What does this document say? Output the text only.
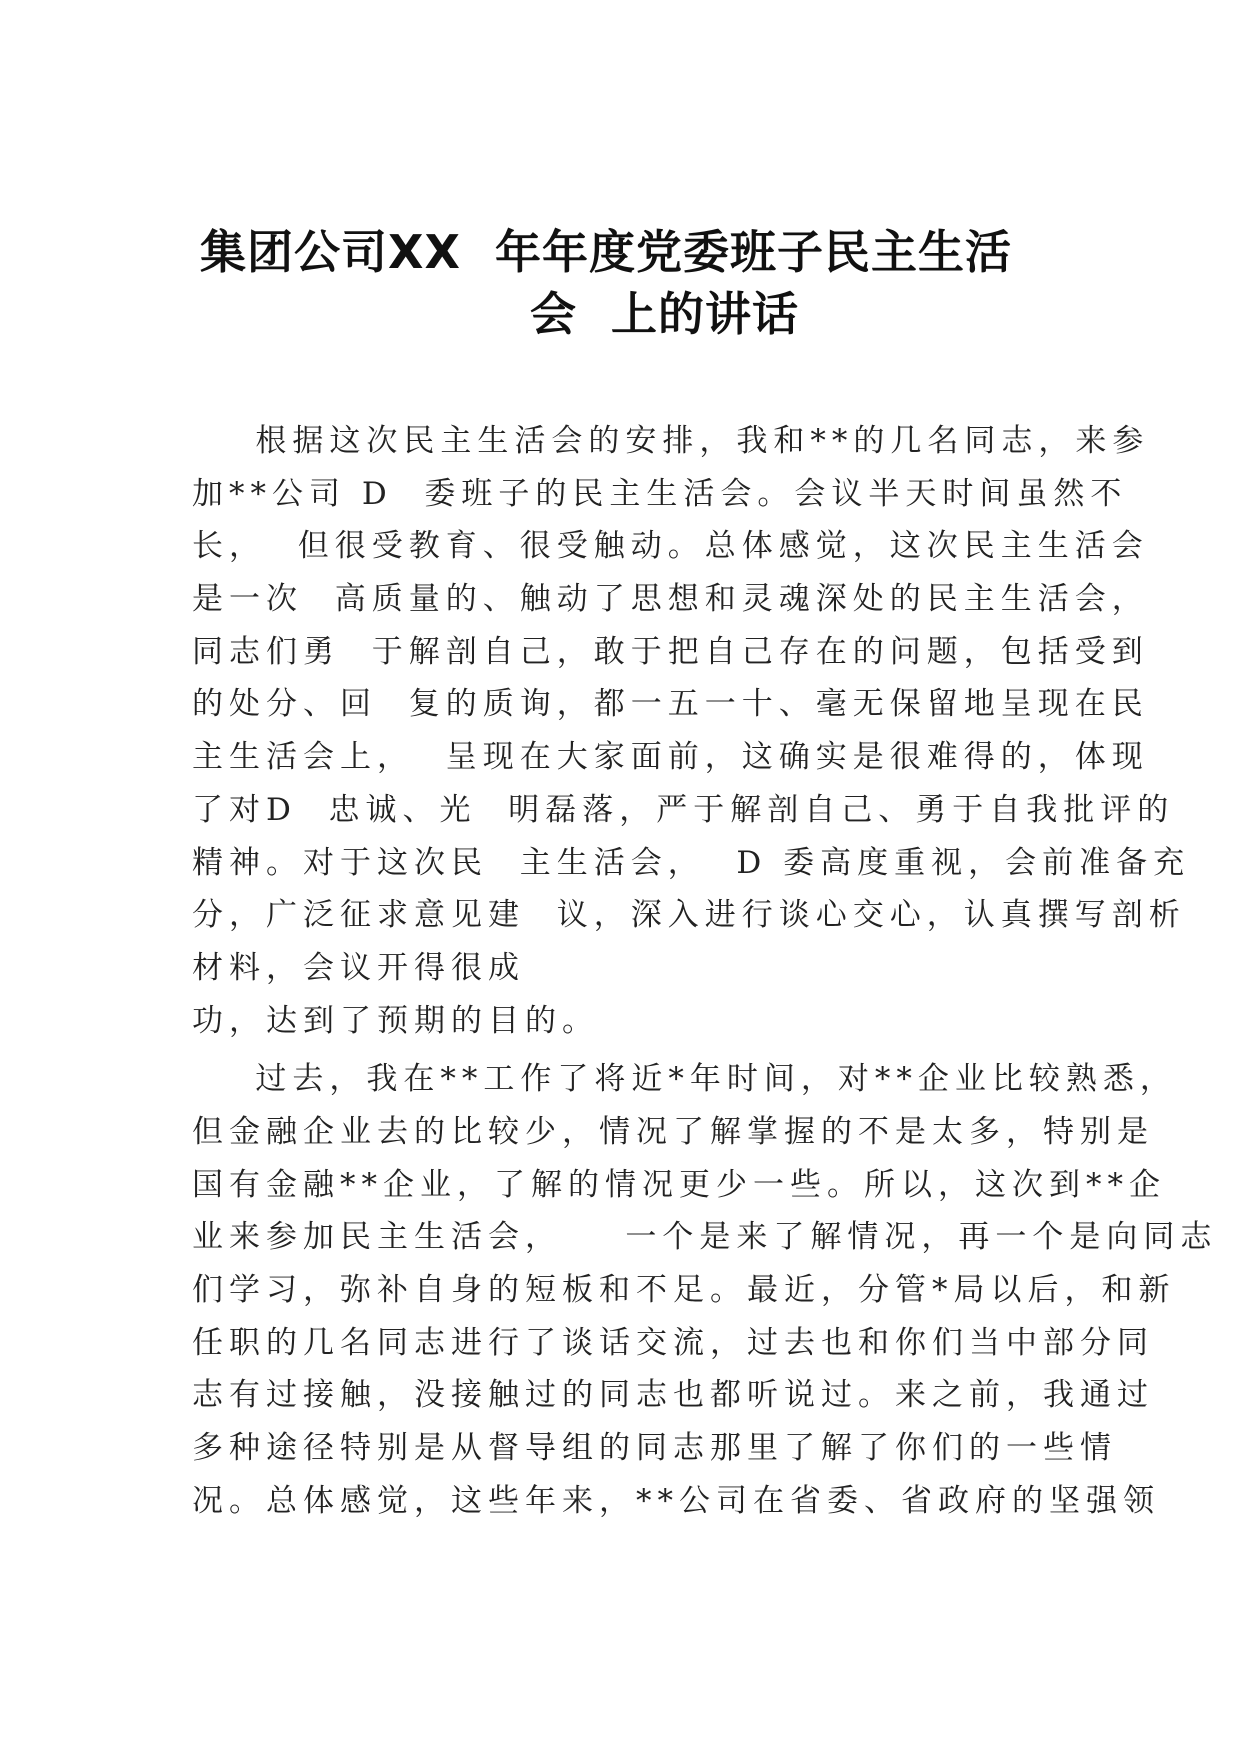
集团公司XX  年年度党委班子民主生活
会  上的讲话
根据这次民主生活会的安排，我和**的几名同志，来参
加**公司 D  委班子的民主生活会。会议半天时间虽然不
长，  但很受教育、很受触动。总体感觉，这次民主生活会
是一次  高质量的、触动了思想和灵魂深处的民主生活会，
同志们勇  于解剖自己，敢于把自己存在的问题，包括受到
的处分、回  复的质询，都一五一十、毫无保留地呈现在民
主生活会上，  呈现在大家面前，这确实是很难得的，体现
了对D  忠诚、光  明磊落，严于解剖自己、勇于自我批评的
精神。对于这次民  主生活会，  D 委高度重视，会前准备充
分，广泛征求意见建  议，深入进行谈心交心，认真撰写剖析
材料，会议开得很成
功，达到了预期的目的。
过去，我在**工作了将近*年时间，对**企业比较熟悉，
但金融企业去的比较少，情况了解掌握的不是太多，特别是
国有金融**企业，了解的情况更少一些。所以，这次到**企
业来参加民主生活会，    一个是来了解情况，再一个是向同志
们学习，弥补自身的短板和不足。最近，分管*局以后，和新
任职的几名同志进行了谈话交流，过去也和你们当中部分同
志有过接触，没接触过的同志也都听说过。来之前，我通过
多种途径特别是从督导组的同志那里了解了你们的一些情
况。总体感觉，这些年来，**公司在省委、省政府的坚强领
